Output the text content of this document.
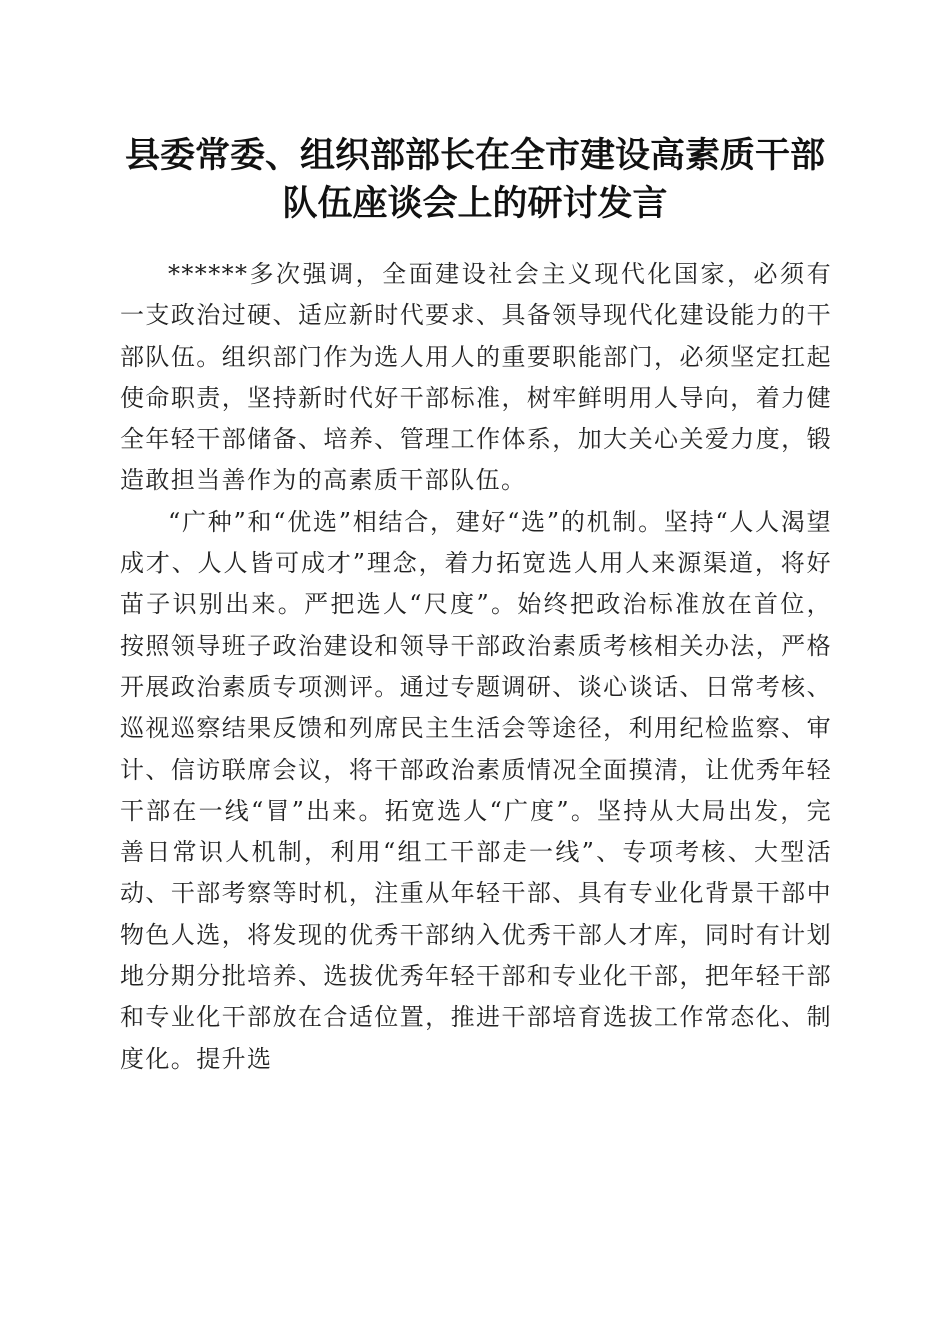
县委常委、组织部部长在全市建设高素质干部
队伍座谈会上的研讨发言

******多次强调，全面建设社会主义现代化国家，必须有一支政治过硬、适应新时代要求、具备领导现代化建设能力的干部队伍。组织部门作为选人用人的重要职能部门，必须坚定扛起使命职责，坚持新时代好干部标准，树牢鲜明用人导向，着力健全年轻干部储备、培养、管理工作体系，加大关心关爱力度，锻造敢担当善作为的高素质干部队伍。

“广种”和“优选”相结合，建好“选”的机制。坚持“人人渴望成才、人人皆可成才”理念，着力拓宽选人用人来源渠道，将好苗子识别出来。严把选人“尺度”。始终把政治标准放在首位，按照领导班子政治建设和领导干部政治素质考核相关办法，严格开展政治素质专项测评。通过专题调研、谈心谈话、日常考核、巡视巡察结果反馈和列席民主生活会等途径，利用纪检监察、审计、信访联席会议，将干部政治素质情况全面摸清，让优秀年轻干部在一线“冒”出来。拓宽选人“广度”。坚持从大局出发，完善日常识人机制，利用“组工干部走一线”、专项考核、大型活动、干部考察等时机，注重从年轻干部、具有专业化背景干部中物色人选，将发现的优秀干部纳入优秀干部人才库，同时有计划地分期分批培养、选拔优秀年轻干部和专业化干部，把年轻干部和专业化干部放在合适位置，推进干部培育选拔工作常态化、制度化。提升选
